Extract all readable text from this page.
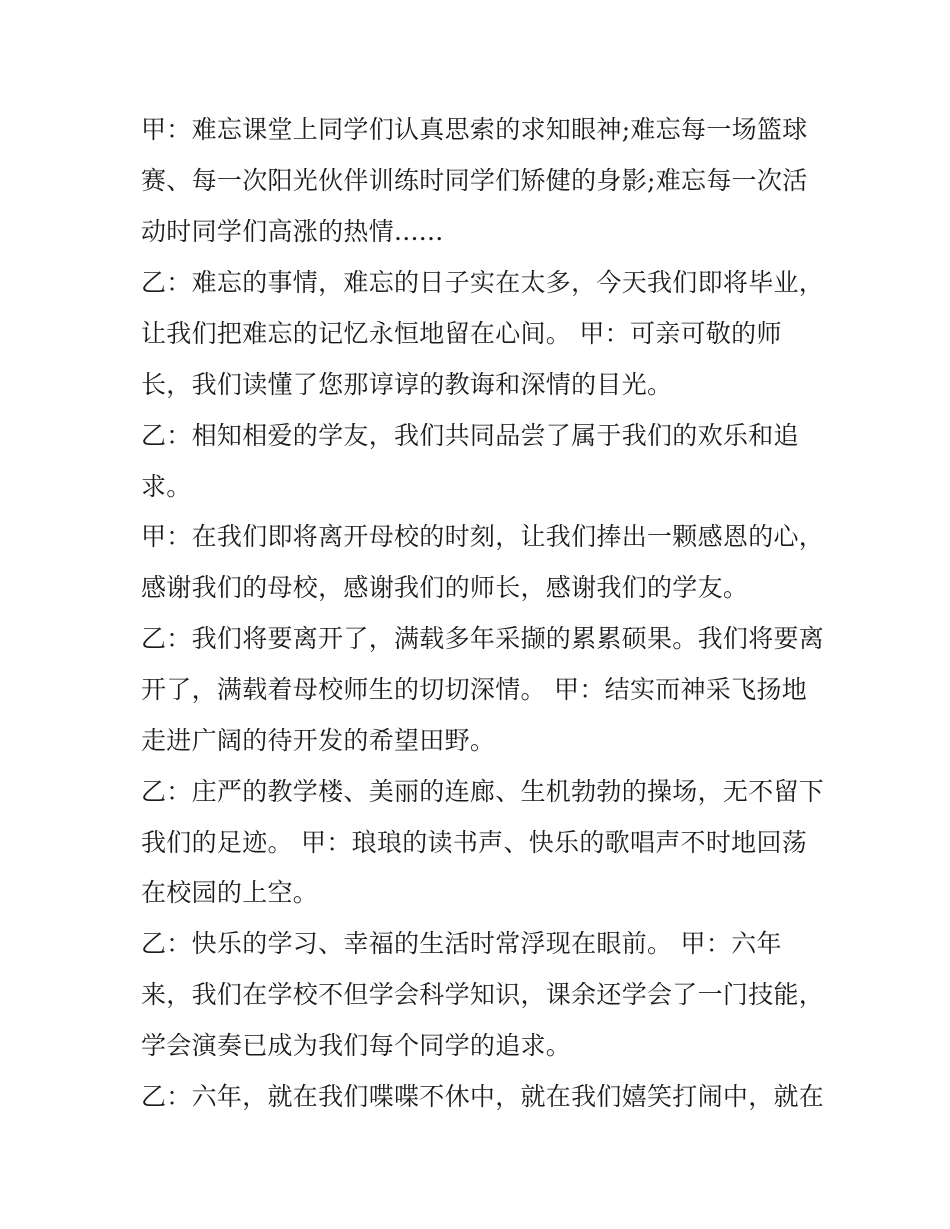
甲：难忘课堂上同学们认真思索的求知眼神;难忘每一场篮球

赛、每一次阳光伙伴训练时同学们矫健的身影;难忘每一次活

动时同学们高涨的热情......

乙：难忘的事情，难忘的日子实在太多，今天我们即将毕业，

让我们把难忘的记忆永恒地留在心间。 甲：可亲可敬的师

长，我们读懂了您那谆谆的教诲和深情的目光。

乙：相知相爱的学友，我们共同品尝了属于我们的欢乐和追

求。

甲：在我们即将离开母校的时刻，让我们捧出一颗感恩的心，

感谢我们的母校，感谢我们的师长，感谢我们的学友。

乙：我们将要离开了，满载多年采撷的累累硕果。我们将要离

开了，满载着母校师生的切切深情。 甲：结实而神采飞扬地

走进广阔的待开发的希望田野。

乙：庄严的教学楼、美丽的连廊、生机勃勃的操场，无不留下

我们的足迹。 甲：琅琅的读书声、快乐的歌唱声不时地回荡

在校园的上空。

乙：快乐的学习、幸福的生活时常浮现在眼前。 甲：六年

来，我们在学校不但学会科学知识，课余还学会了一门技能，

学会演奏已成为我们每个同学的追求。

乙：六年，就在我们喋喋不休中，就在我们嬉笑打闹中，就在
